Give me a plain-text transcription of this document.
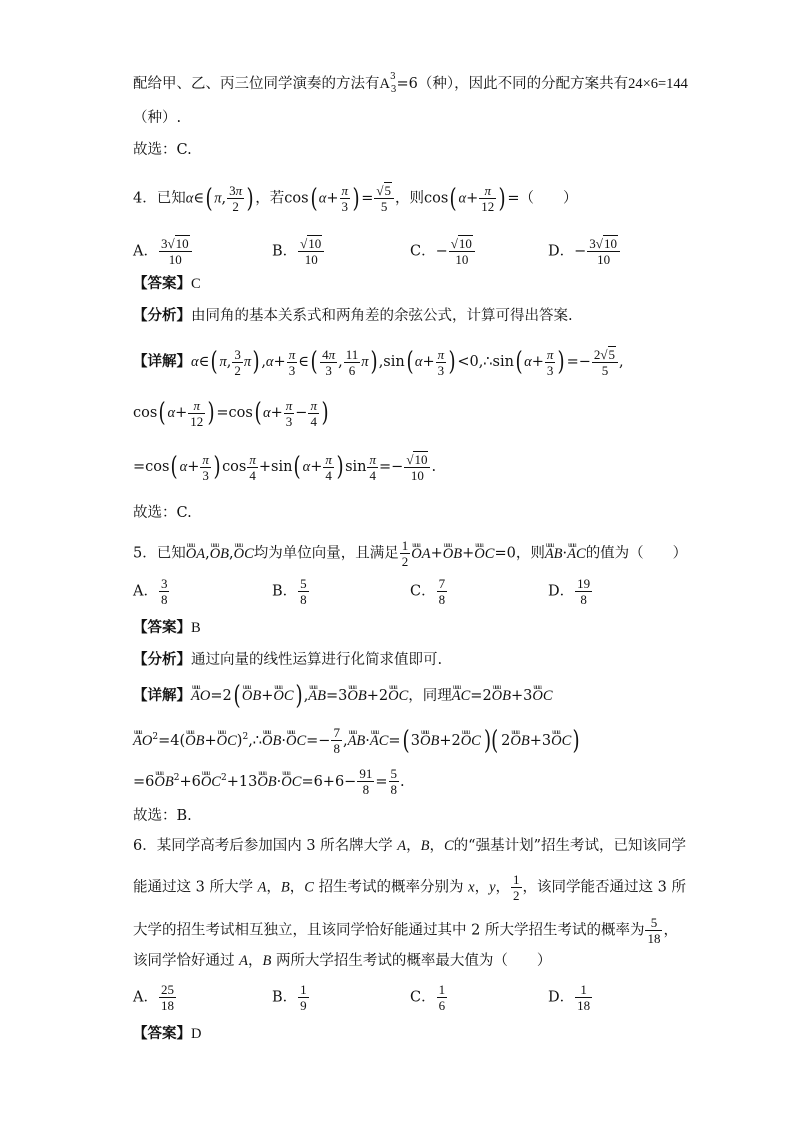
配给甲、乙、丙三位同学演奏的方法有$A^3_3=6$（种），因此不同的分配方案共有24×6=144
（种）.
故选：C.
4．已知α∈( π, $\frac{3\pi}{2}$ ) ，若cos( $\alpha+ \frac{\pi}{3}$ ) = $\frac{√5}{5}$ ，则cos( $\alpha+ \frac{\pi}{12}$ ) =（　　）
A． $\frac{3√10}{10}$	B． $\frac{√10}{10}$	C．− $\frac{√10}{10}$	D．− $\frac{3√10}{10}$
【答案】C
【分析】由同角的基本关系式和两角差的余弦公式，计算可得出答案.
【详解】α∈( π, $\frac{3}{2} \pi$) $,\alpha+ \frac{\pi}{3}$ ∈( $\frac{4\pi}{3}$ , $\frac{11}{6} \pi$) ,sin( $\alpha+ \frac{\pi}{3}$ ) <0,∴sin( $\alpha+ \frac{\pi}{3}$ ) =− $\frac{2√5}{5}$ ,
cos( $\alpha+ \frac{\pi}{12}$ ) =cos( $\alpha+ \frac{\pi}{3} - \frac{\pi}{4}$ )
=cos( $\alpha+ \frac{\pi}{3}$ ) $\cos \frac{\pi}{4} +\sin$( $\alpha+ \frac{\pi}{4}$ ) $\sin \frac{\pi}{4} =- \frac{√10}{10}$ .
故选：C.
5．已知uuu OA,uuu OB,uuu OC均为单位向量，且满足 $\frac{1}{2}$ uuu OA+uuu OB+uuu OC=0，则uuu AB·uuu AC的值为（　　）
A． $\frac{3}{8}$	B． $\frac{5}{8}$	C． $\frac{7}{8}$	D． $\frac{19}{8}$
【答案】B
【分析】通过向量的线性运算进行化简求值即可.
【详解】uuu AO=2( uuu OB+uuu OC) ,uuu AB=3uuu OB+2uuu OC，同理uuu AC=2uuu OB+3uuu OC
uuu $AO^2=4(uuu$ OB+uuu OC)$^2$,∴uuu OB·uuu $OC=- \frac{7}{8} ,uuu$ AB·uuu AC=( 3uuu OB+2uuu OC )( 2uuu OB+3uuu OC)
=6uuu $OB^2+6uuu$ $OC^2+13uuu$ OB·uuu $OC=6+6- \frac{91}{8} = \frac{5}{8}$ .
故选：B.
6．某同学高考后参加国内 3 所名牌大学 A，B，C的“强基计划”招生考试，已知该同学
能通过这 3 所大学 A，B，C 招生考试的概率分别为 x，y， $\frac{1}{2}$ ，该同学能否通过这 3 所
大学的招生考试相互独立，且该同学恰好能通过其中 2 所大学招生考试的概率为 $\frac{5}{18}$ ，
该同学恰好通过 A，B 两所大学招生考试的概率最大值为（　　）
A． $\frac{25}{18}$	B． $\frac{1}{9}$	C． $\frac{1}{6}$	D． $\frac{1}{18}$
【答案】D
